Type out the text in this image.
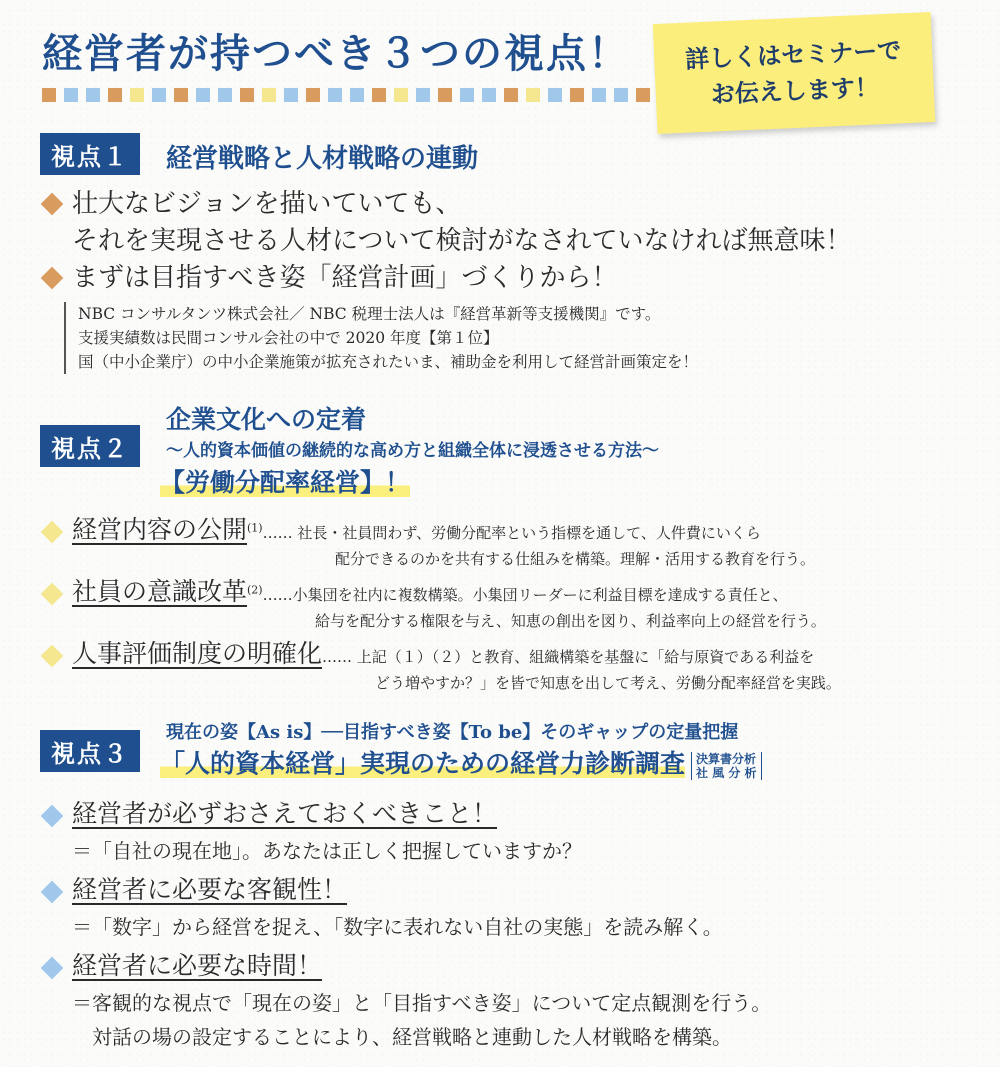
経営者が持つべき３つの視点！ 詳しくはセミナーで
お伝えします！
視点１	経営戦略と人材戦略の連動
壮大なビジョンを描いていても、
それを実現させる人材について検討がなされていなければ無意味！
まずは目指すべき姿「経営計画」づくりから！
NBC コンサルタンツ株式会社／ NBC 税理士法人は『経営革新等支援機関』です。
支援実績数は民間コンサル会社の中で 2020 年度【第１位】
国（中小企業庁）の中小企業施策が拡充されたいま、補助金を利用して経営計画策定を！
視点２
企業文化への定着
～人的資本価値の継続的な高め方と組織全体に浸透させる方法～
【労働分配率経営】！
経営内容の公開$^{(1)}$…… 社長・社員問わず、労働分配率という指標を通して、人件費にいくら
配分できるのかを共有する仕組みを構築。理解・活用する教育を行う。
社員の意識改革$^{(2)}$……小集団を社内に複数構築。小集団リーダーに利益目標を達成する責任と、
給与を配分する権限を与え、知恵の創出を図り、利益率向上の経営を行う。
人事評価制度の明確化…… 上記（１）（２）と教育、組織構築を基盤に「給与原資である利益を
どう増やすか？」を皆で知恵を出して考え、労働分配率経営を実践。
視点３
現在の姿【As is】──目指すべき姿【To be】そのギャップの定量把握
「人的資本経営」実現のための経営力診断調査 決算書分析
社 風 分 析
経営者が必ずおさえておくべきこと！
＝「自社の現在地」。あなたは正しく把握していますか？
経営者に必要な客観性！
＝「数字」から経営を捉え、「数字に表れない自社の実態」を読み解く。
経営者に必要な時間！
＝客観的な視点で「現在の姿」と「目指すべき姿」について定点観測を行う。
対話の場の設定することにより、経営戦略と連動した人材戦略を構築。
